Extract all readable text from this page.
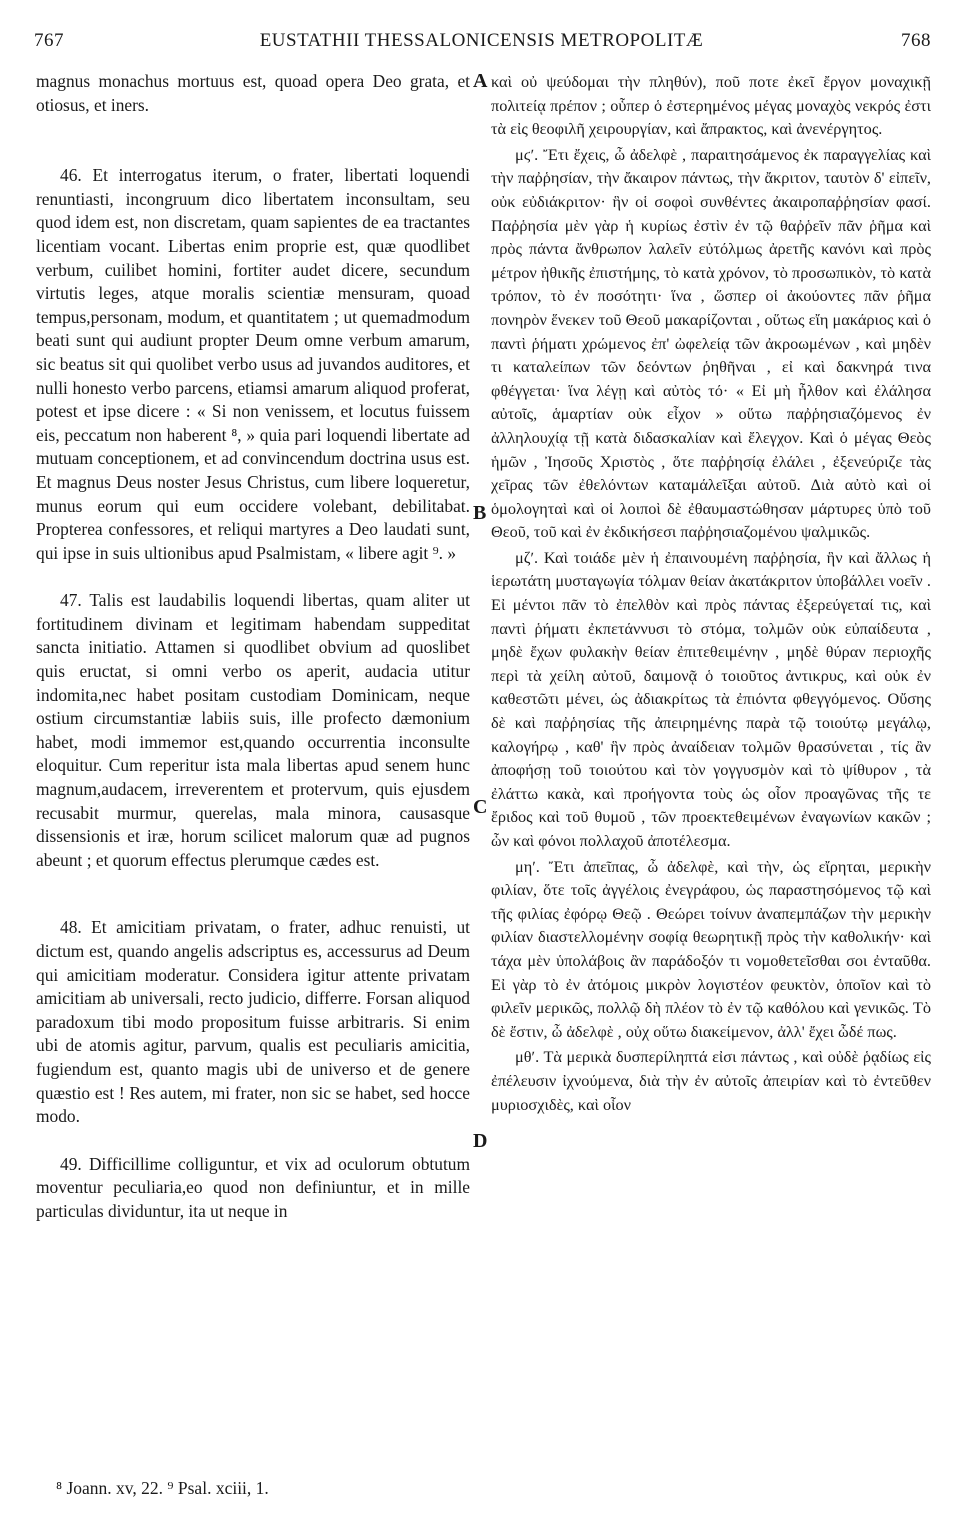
767	EUSTATHII THESSALONICENSIS METROPOLITÆ	768

magnus monachus mortuus est, quoad opera Deo grata, et otiosus, et iners.

46. Et interrogatus iterum, o frater, libertati loquendi renuntiasti, incongruum dico libertatem inconsultam, seu quod idem est, non discretam, quam sapientes de ea tractantes licentiam vocant. Libertas enim proprie est, quæ quodlibet verbum, cuilibet homini, fortiter audet dicere, secundum virtutis leges, atque moralis scientiæ mensuram, quoad tempus,personam, modum, et quantitatem ; ut quemadmodum beati sunt qui audiunt propter Deum omne verbum amarum, sic beatus sit qui quolibet verbo usus ad juvandos auditores, et nulli honesto verbo parcens, etiamsi amarum aliquod proferat, potest et ipse dicere : « Si non venissem, et locutus fuissem eis, peccatum non haberent ⁸, » quia pari loquendi libertate ad mutuam conceptionem, et ad convincendum doctrina usus est. Et magnus Deus noster Jesus Christus, cum libere loqueretur, munus eorum qui eum occidere volebant, debilitabat. Propterea confessores, et reliqui martyres a Deo laudati sunt, qui ipse in suis ultionibus apud Psalmistam, « libere agit ⁹. »

47. Talis est laudabilis loquendi libertas, quam aliter ut fortitudinem divinam et legitimam habendam suppeditat sancta initiatio. Attamen si quodlibet obvium ad quoslibet quis eructat, si omni verbo os aperit, audacia utitur indomita,nec habet positam custodiam Dominicam, neque ostium circumstantiæ labiis suis, ille profecto dæmonium habet, modi immemor est,quando occurrentia inconsulte eloquitur. Cum reperitur ista mala libertas apud senem hunc magnum,audacem, irreverentem et protervum, quis ejusdem recusabit murmur, querelas, mala minora, causasque dissensionis et iræ, horum scilicet malorum quæ ad pugnos abeunt ; et quorum effectus plerumque cædes est.

48. Et amicitiam privatam, o frater, adhuc renuisti, ut dictum est, quando angelis adscriptus es, accessurus ad Deum qui amicitiam moderatur. Considera igitur attente privatam amicitiam ab universali, recto judicio, differre. Forsan aliquod paradoxum tibi modo propositum fuisse arbitraris. Si enim ubi de atomis agitur, parvum, qualis est peculiaris amicitia, fugiendum est, quanto magis ubi de universo et de genere quæstio est ! Res autem, mi frater, non sic se habet, sed hocce modo.

49. Difficillime colliguntur, et vix ad oculorum obtutum moventur peculiaria,eo quod non definiuntur, et in mille particulas dividuntur, ita ut neque in

A
B
C
D

καὶ οὐ ψεύδομαι τὴν πληθύν), ποῦ ποτε ἐκεῖ ἔργον μοναχικῇ πολιτείᾳ πρέπον ; οὗπερ ὁ ἐστερημένος μέγας μοναχὸς νεκρός ἐστι τὰ εἰς θεοφιλῆ χειρουργίαν, καὶ ἄπρακτος, καὶ ἀνενέργητος.

μϛʹ. Ἔτι ἔχεις, ὦ ἀδελφὲ , παραιτησάμενος ἐκ παραγγελίας καὶ τὴν παῤῥησίαν, τὴν ἄκαιρον πάντως, τὴν ἄκριτον, ταυτὸν δ' εἰπεῖν, οὐκ εὐδιάκριτον· ἣν οἱ σοφοὶ συνθέντες ἀκαιροπαῤῥησίαν φασί. Παῤῥησία μὲν γὰρ ἡ κυρίως ἐστὶν ἐν τῷ θαῤῥεῖν πᾶν ῥῆμα καὶ πρὸς πάντα ἄνθρωπον λαλεῖν εὐτόλμως ἀρετῆς κανόνι καὶ πρὸς μέτρον ἠθικῆς ἐπιστήμης, τὸ κατὰ χρόνον, τὸ προσωπικὸν, τὸ κατὰ τρόπον, τὸ ἐν ποσότητι· ἵνα , ὥσπερ οἱ ἀκούοντες πᾶν ῥῆμα πονηρὸν ἕνεκεν τοῦ Θεοῦ μακαρίζονται , οὕτως εἴη μακάριος καὶ ὁ παντὶ ῥήματι χρώμενος ἐπ' ὠφελείᾳ τῶν ἀκροωμένων , καὶ μηδὲν τι καταλείπων τῶν δεόντων ῥηθῆναι , εἰ καὶ δακνηρά τινα φθέγγεται· ἵνα λέγῃ καὶ αὐτὸς τό· « Εἰ μὴ ἦλθον καὶ ἐλάλησα αὐτοῖς, ἁμαρτίαν οὐκ εἶχον » οὕτω παῤῥησιαζόμενος ἐν ἀλληλουχίᾳ τῇ κατὰ διδασκαλίαν καὶ ἔλεγχον. Καὶ ὁ μέγας Θεὸς ἡμῶν , Ἰησοῦς Χριστὸς , ὅτε παῤῥησίᾳ ἐλάλει , ἐξενεύριζε τὰς χεῖρας τῶν ἐθελόντων καταμάλεῖξαι αὐτοῦ. Διὰ αὐτὸ καὶ οἱ ὁμολογηταὶ καὶ οἱ λοιποὶ δὲ ἐθαυμαστώθησαν μάρτυρες ὑπὸ τοῦ Θεοῦ, τοῦ καὶ ἐν ἐκδικήσεσι παῤῥησιαζομένου ψαλμικῶς.

μζʹ. Καὶ τοιάδε μὲν ἡ ἐπαινουμένη παῤῥησία, ἣν καὶ ἄλλως ἡ ἱερωτάτη μυσταγωγία τόλμαν θείαν ἀκατάκριτον ὑποβάλλει νοεῖν . Εἰ μέντοι πᾶν τὸ ἐπελθὸν καὶ πρὸς πάντας ἐξερεύγεταί τις, καὶ παντὶ ῥήματι ἐκπετάννυσι τὸ στόμα, τολμῶν οὐκ εὐπαίδευτα , μηδὲ ἔχων φυλακὴν θείαν ἐπιτεθειμένην , μηδὲ θύραν περιοχῆς περὶ τὰ χείλη αὐτοῦ, δαιμονᾷ ὁ τοιοῦτος ἀντικρυς, καὶ οὐκ ἐν καθεστῶτι μένει, ὡς ἀδιακρίτως τὰ ἐπιόντα φθεγγόμενος. Οὔσης δὲ καὶ παῤῥησίας τῆς ἀπειρημένης παρὰ τῷ τοιούτῳ μεγάλῳ, καλογήρῳ , καθ' ἣν πρὸς ἀναίδειαν τολμῶν θρασύνεται , τίς ἂν ἀποφήσῃ τοῦ τοιούτου καὶ τὸν γογγυσμὸν καὶ τὸ ψίθυρον , τὰ ἐλάττω κακὰ, καὶ προήγοντα τοὺς ὡς οἷον προαγῶνας τῆς τε ἔριδος καὶ τοῦ θυμοῦ , τῶν προεκτεθειμένων ἐναγωνίων κακῶν ; ὧν καὶ φόνοι πολλαχοῦ ἀποτέλεσμα.

μηʹ. Ἔτι ἀπεῖπας, ὦ ἀδελφὲ, καὶ τὴν, ὡς εἴρηται, μερικὴν φιλίαν, ὅτε τοῖς ἀγγέλοις ἐνεγράφου, ὡς παραστησόμενος τῷ καὶ τῆς φιλίας ἐφόρῳ Θεῷ . Θεώρει τοίνυν ἀναπεμπάζων τὴν μερικὴν φιλίαν διαστελλομένην σοφίᾳ θεωρητικῇ πρὸς τὴν καθολικήν· καὶ τάχα μὲν ὑπολάβοις ἂν παράδοξόν τι νομοθετεῖσθαι σοι ἐνταῦθα. Εἰ γὰρ τὸ ἐν ἀτόμοις μικρὸν λογιστέον φευκτὸν, ὁποῖον καὶ τὸ φιλεῖν μερικῶς, πολλῷ δὴ πλέον τὸ ἐν τῷ καθόλου καὶ γενικῶς. Τὸ δὲ ἔστιν, ὦ ἀδελφὲ , οὐχ οὕτω διακείμενον, ἀλλ' ἔχει ὧδέ πως.

μθʹ. Τὰ μερικὰ δυσπερίληπτά εἰσι πάντως , καὶ οὐδὲ ῥᾳδίως εἰς ἐπέλευσιν ἰχνούμενα, διὰ τὴν ἐν αὐτοῖς ἀπειρίαν καὶ τὸ ἐντεῦθεν μυριοσχιδὲς, καὶ οἷον

⁸ Joann. xv, 22. ⁹ Psal. xciii, 1.
